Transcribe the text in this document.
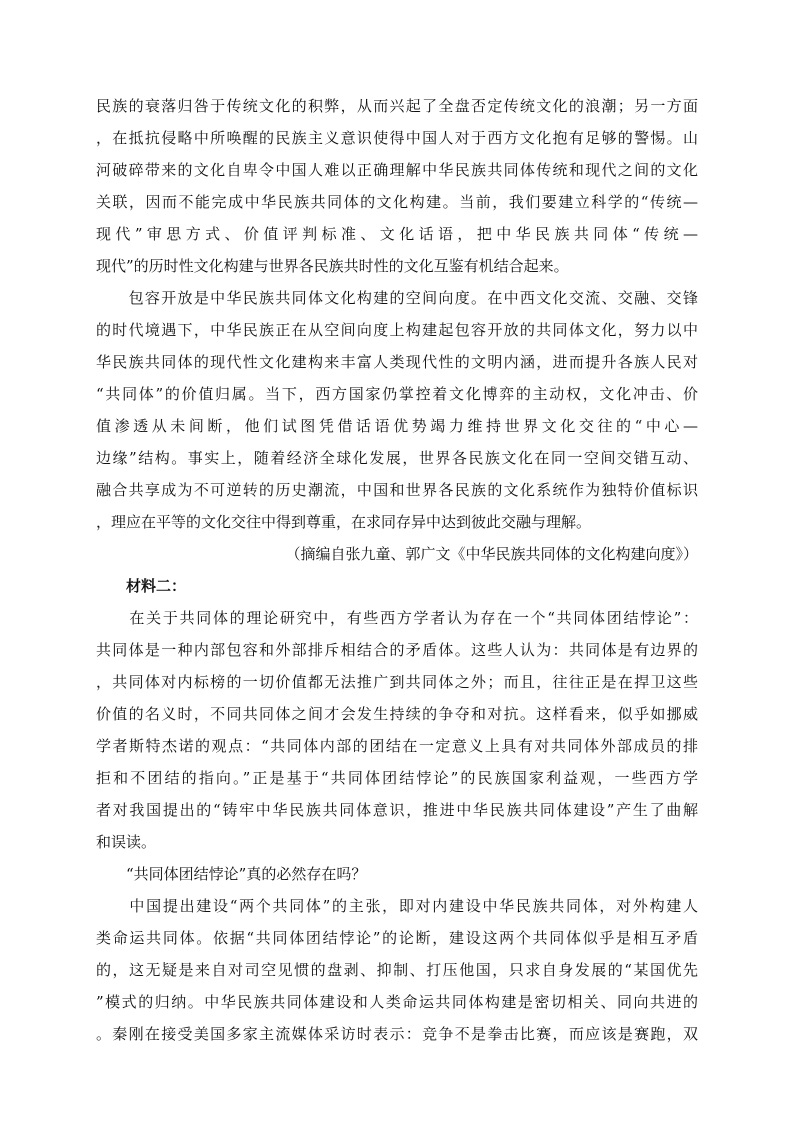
民族的衰落归咎于传统文化的积弊，从而兴起了全盘否定传统文化的浪潮；另一方面
，在抵抗侵略中所唤醒的民族主义意识使得中国人对于西方文化抱有足够的警惕。山
河破碎带来的文化自卑令中国人难以正确理解中华民族共同体传统和现代之间的文化
关联，因而不能完成中华民族共同体的文化构建。当前，我们要建立科学的“传统—
现代”审思方式、价值评判标准、文化话语，把中华民族共同体“传统—
现代”的历时性文化构建与世界各民族共时性的文化互鉴有机结合起来。
　　包容开放是中华民族共同体文化构建的空间向度。在中西文化交流、交融、交锋
的时代境遇下，中华民族正在从空间向度上构建起包容开放的共同体文化，努力以中
华民族共同体的现代性文化建构来丰富人类现代性的文明内涵，进而提升各族人民对
“共同体”的价值归属。当下，西方国家仍掌控着文化博弈的主动权，文化冲击、价
值渗透从未间断，他们试图凭借话语优势竭力维持世界文化交往的“中心—
边缘”结构。事实上，随着经济全球化发展，世界各民族文化在同一空间交错互动、
融合共享成为不可逆转的历史潮流，中国和世界各民族的文化系统作为独特价值标识
，理应在平等的文化交往中得到尊重，在求同存异中达到彼此交融与理解。
（摘编自张九童、郭广文《中华民族共同体的文化构建向度》）
　　材料二：
　　在关于共同体的理论研究中，有些西方学者认为存在一个“共同体团结悖论”：
共同体是一种内部包容和外部排斥相结合的矛盾体。这些人认为：共同体是有边界的
，共同体对内标榜的一切价值都无法推广到共同体之外；而且，往往正是在捍卫这些
价值的名义时，不同共同体之间才会发生持续的争夺和对抗。这样看来，似乎如挪威
学者斯特杰诺的观点：“共同体内部的团结在一定意义上具有对共同体外部成员的排
拒和不团结的指向。”正是基于“共同体团结悖论”的民族国家利益观，一些西方学
者对我国提出的“铸牢中华民族共同体意识，推进中华民族共同体建设”产生了曲解
和误读。
　　“共同体团结悖论”真的必然存在吗？
　　中国提出建设“两个共同体”的主张，即对内建设中华民族共同体，对外构建人
类命运共同体。依据“共同体团结悖论”的论断，建设这两个共同体似乎是相互矛盾
的，这无疑是来自对司空见惯的盘剥、抑制、打压他国，只求自身发展的“某国优先
”模式的归纳。中华民族共同体建设和人类命运共同体构建是密切相关、同向共进的
。秦刚在接受美国多家主流媒体采访时表示：竞争不是拳击比赛，而应该是赛跑，双
